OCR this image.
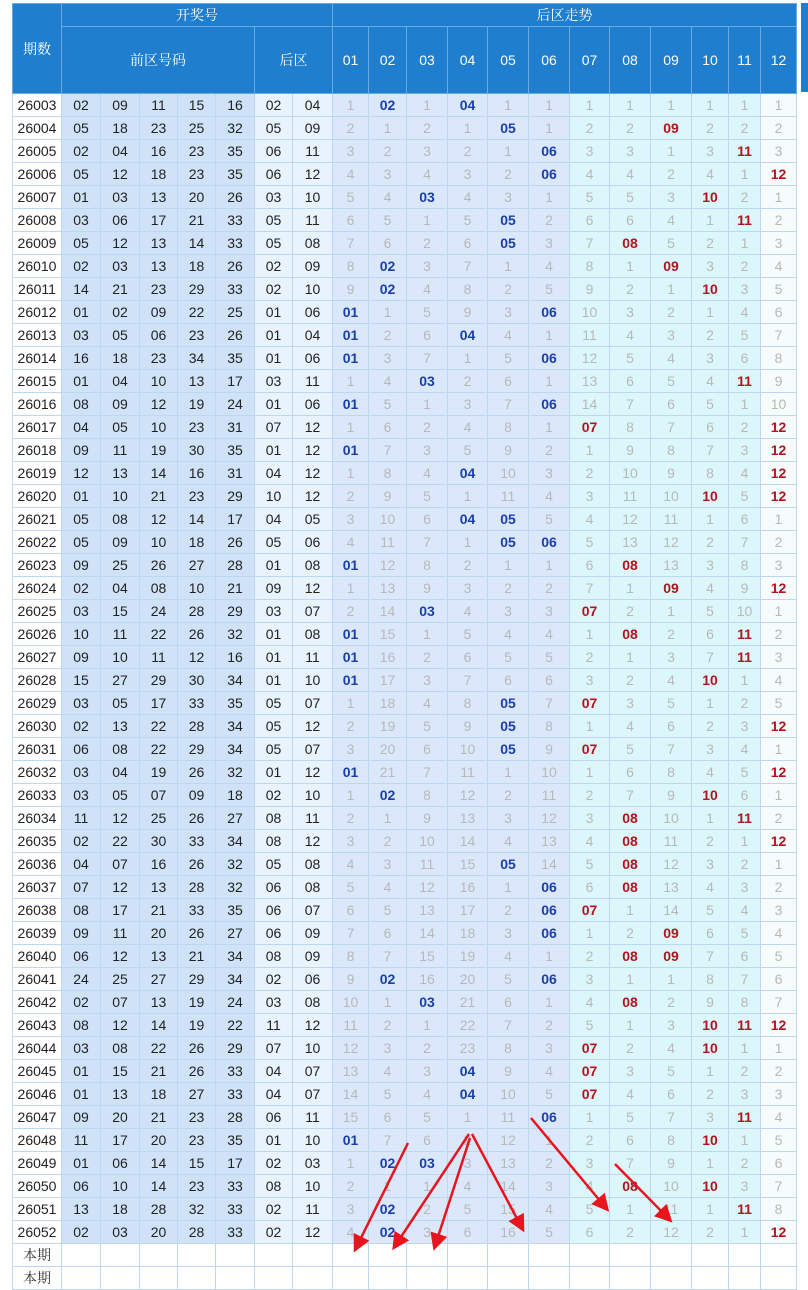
期数	开奖号							后区走势											
	前区号码					后区		01	02	03	04	05	06	07	08	09	10	11	12
26003	02	09	11	15	16	02	04	1	02	1	04	1	1	1	1	1	1	1	1
26004	05	18	23	25	32	05	09	2	1	2	1	05	1	2	2	09	2	2	2
26005	02	04	16	23	35	06	11	3	2	3	2	1	06	3	3	1	3	11	3
26006	05	12	18	23	35	06	12	4	3	4	3	2	06	4	4	2	4	1	12
26007	01	03	13	20	26	03	10	5	4	03	4	3	1	5	5	3	10	2	1
26008	03	06	17	21	33	05	11	6	5	1	5	05	2	6	6	4	1	11	2
26009	05	12	13	14	33	05	08	7	6	2	6	05	3	7	08	5	2	1	3
26010	02	03	13	18	26	02	09	8	02	3	7	1	4	8	1	09	3	2	4
26011	14	21	23	29	33	02	10	9	02	4	8	2	5	9	2	1	10	3	5
26012	01	02	09	22	25	01	06	01	1	5	9	3	06	10	3	2	1	4	6
26013	03	05	06	23	26	01	04	01	2	6	04	4	1	11	4	3	2	5	7
26014	16	18	23	34	35	01	06	01	3	7	1	5	06	12	5	4	3	6	8
26015	01	04	10	13	17	03	11	1	4	03	2	6	1	13	6	5	4	11	9
26016	08	09	12	19	24	01	06	01	5	1	3	7	06	14	7	6	5	1	10
26017	04	05	10	23	31	07	12	1	6	2	4	8	1	07	8	7	6	2	12
26018	09	11	19	30	35	01	12	01	7	3	5	9	2	1	9	8	7	3	12
26019	12	13	14	16	31	04	12	1	8	4	04	10	3	2	10	9	8	4	12
26020	01	10	21	23	29	10	12	2	9	5	1	11	4	3	11	10	10	5	12
26021	05	08	12	14	17	04	05	3	10	6	04	05	5	4	12	11	1	6	1
26022	05	09	10	18	26	05	06	4	11	7	1	05	06	5	13	12	2	7	2
26023	09	25	26	27	28	01	08	01	12	8	2	1	1	6	08	13	3	8	3
26024	02	04	08	10	21	09	12	1	13	9	3	2	2	7	1	09	4	9	12
26025	03	15	24	28	29	03	07	2	14	03	4	3	3	07	2	1	5	10	1
26026	10	11	22	26	32	01	08	01	15	1	5	4	4	1	08	2	6	11	2
26027	09	10	11	12	16	01	11	01	16	2	6	5	5	2	1	3	7	11	3
26028	15	27	29	30	34	01	10	01	17	3	7	6	6	3	2	4	10	1	4
26029	03	05	17	33	35	05	07	1	18	4	8	05	7	07	3	5	1	2	5
26030	02	13	22	28	34	05	12	2	19	5	9	05	8	1	4	6	2	3	12
26031	06	08	22	29	34	05	07	3	20	6	10	05	9	07	5	7	3	4	1
26032	03	04	19	26	32	01	12	01	21	7	11	1	10	1	6	8	4	5	12
26033	03	05	07	09	18	02	10	1	02	8	12	2	11	2	7	9	10	6	1
26034	11	12	25	26	27	08	11	2	1	9	13	3	12	3	08	10	1	11	2
26035	02	22	30	33	34	08	12	3	2	10	14	4	13	4	08	11	2	1	12
26036	04	07	16	26	32	05	08	4	3	11	15	05	14	5	08	12	3	2	1
26037	07	12	13	28	32	06	08	5	4	12	16	1	06	6	08	13	4	3	2
26038	08	17	21	33	35	06	07	6	5	13	17	2	06	07	1	14	5	4	3
26039	09	11	20	26	27	06	09	7	6	14	18	3	06	1	2	09	6	5	4
26040	06	12	13	21	34	08	09	8	7	15	19	4	1	2	08	09	7	6	5
26041	24	25	27	29	34	02	06	9	02	16	20	5	06	3	1	1	8	7	6
26042	02	07	13	19	24	03	08	10	1	03	21	6	1	4	08	2	9	8	7
26043	08	12	14	19	22	11	12	11	2	1	22	7	2	5	1	3	10	11	12
26044	03	08	22	26	29	07	10	12	3	2	23	8	3	07	2	4	10	1	1
26045	01	15	21	26	33	04	07	13	4	3	04	9	4	07	3	5	1	2	2
26046	01	13	18	27	33	04	07	14	5	4	04	10	5	07	4	6	2	3	3
26047	09	20	21	23	28	06	11	15	6	5	1	11	06	1	5	7	3	11	4
26048	11	17	20	23	35	01	10	01	7	6	2	12	1	2	6	8	10	1	5
26049	01	06	14	15	17	02	03	1	02	03	3	13	2	3	7	9	1	2	6
26050	06	10	14	23	33	08	10	2	1	1	4	14	3	4	08	10	10	3	7
26051	13	18	28	32	33	02	11	3	02	2	5	15	4	5	1	11	1	11	8
26052	02	03	20	28	33	02	12	4	02	3	6	16	5	6	2	12	2	1	12
本期								01	02	03			06		08		10	11	
本期																			
